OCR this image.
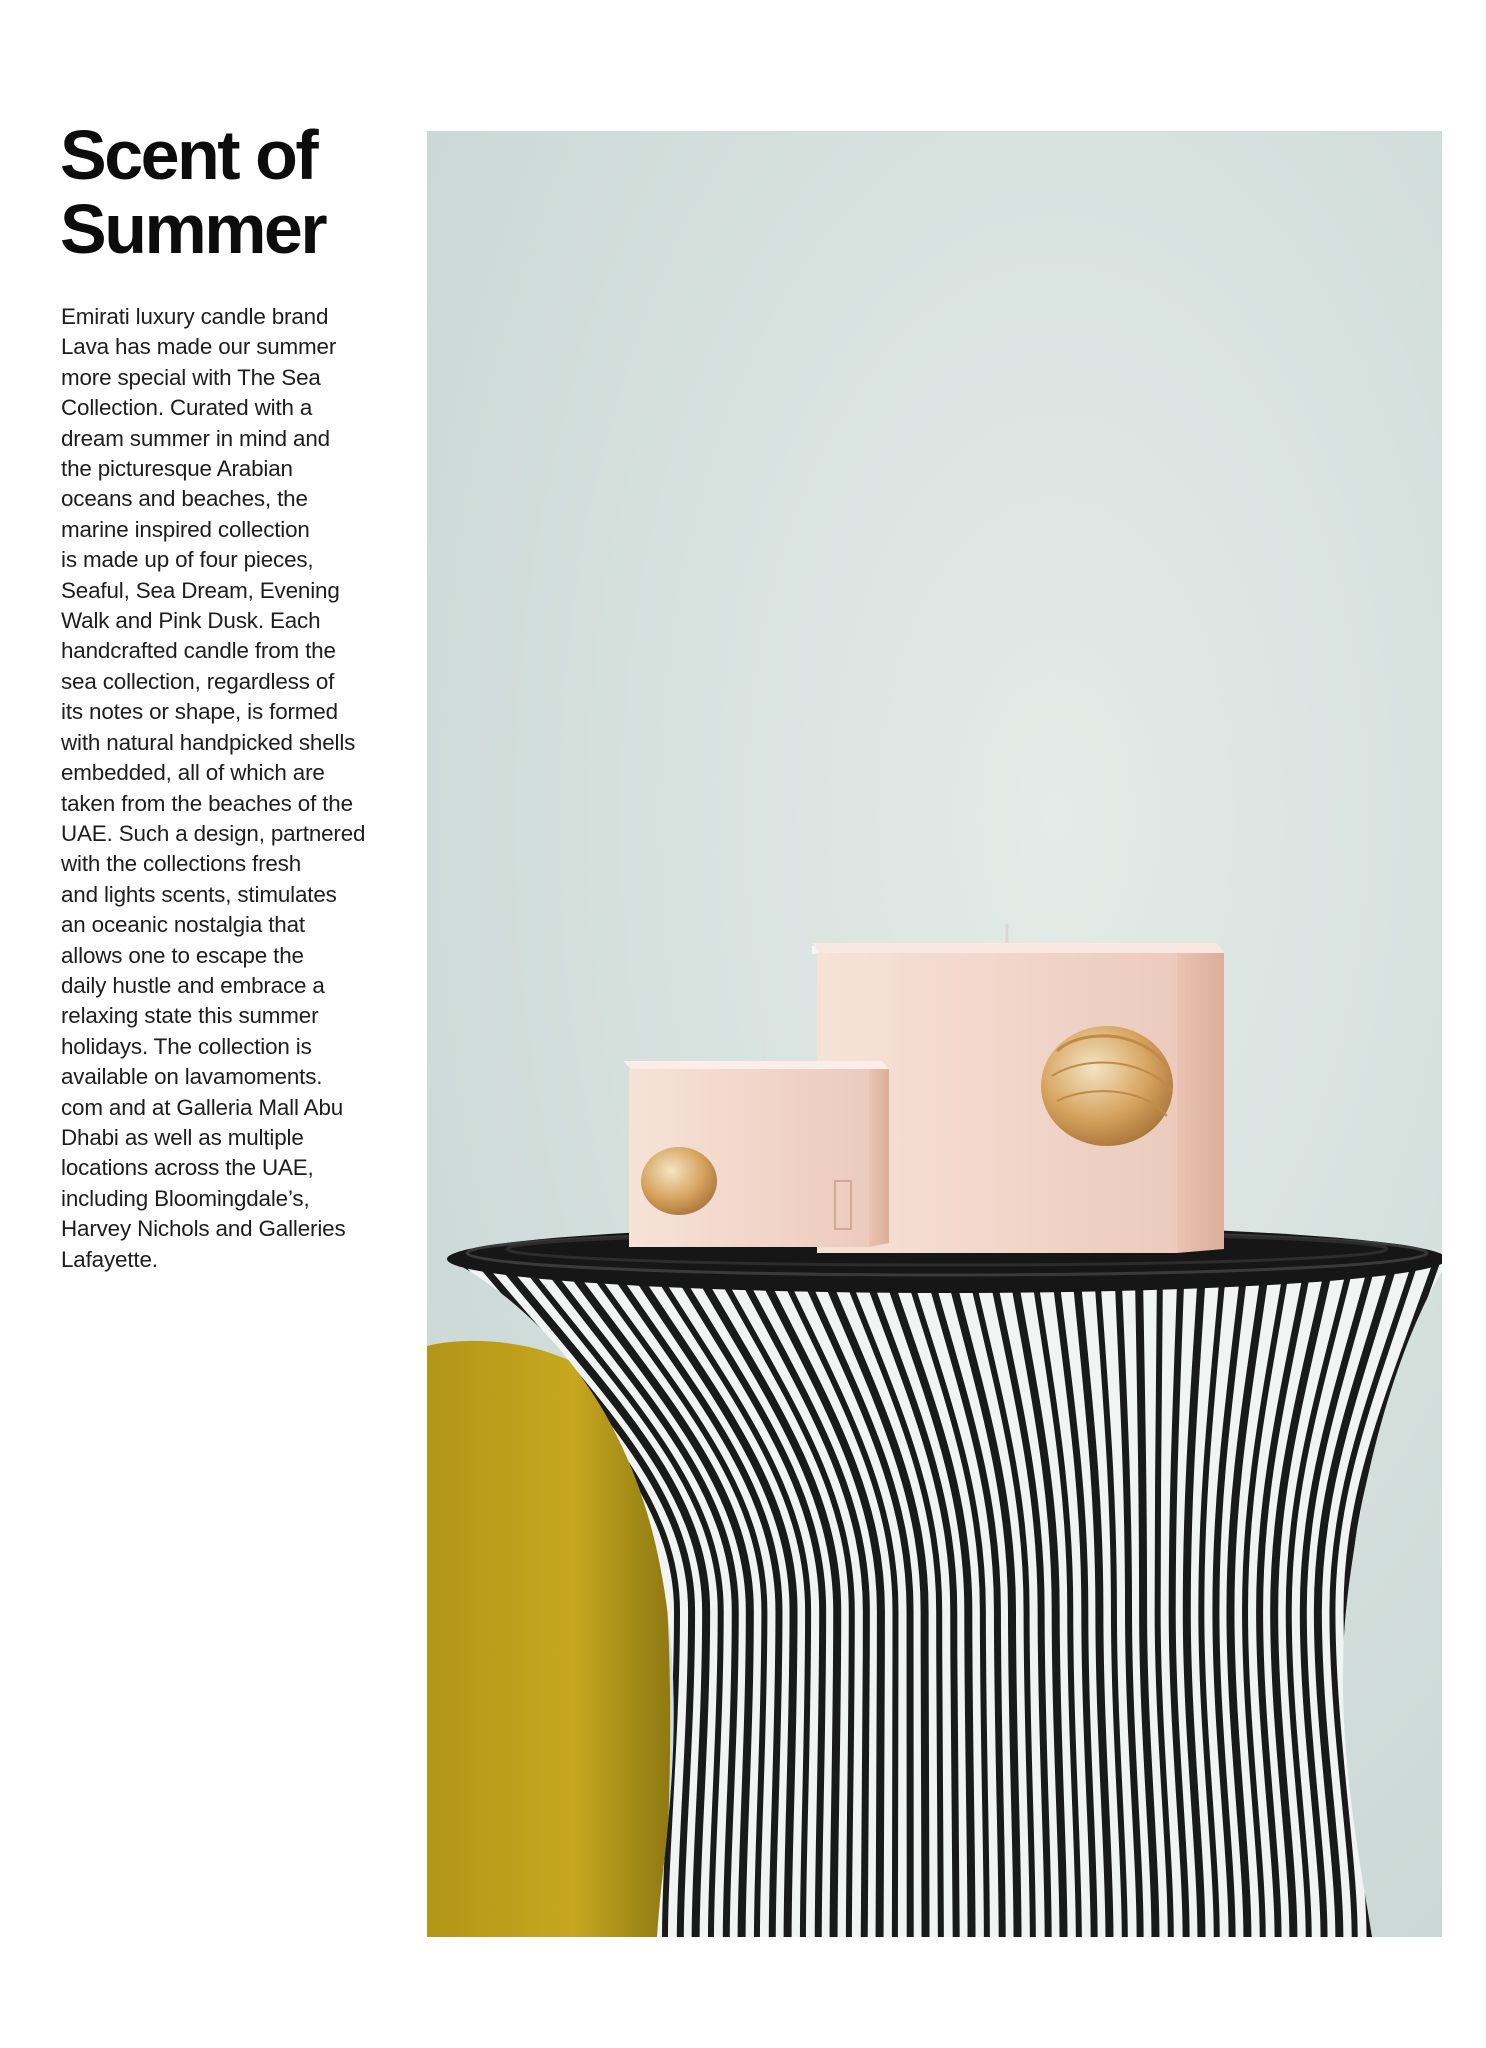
Scent of
Summer

Emirati luxury candle brand
Lava has made our summer
more special with The Sea
Collection. Curated with a
dream summer in mind and
the picturesque Arabian
oceans and beaches, the
marine inspired collection
is made up of four pieces,
Seaful, Sea Dream, Evening
Walk and Pink Dusk. Each
handcrafted candle from the
sea collection, regardless of
its notes or shape, is formed
with natural handpicked shells
embedded, all of which are
taken from the beaches of the
UAE. Such a design, partnered
with the collections fresh
and lights scents, stimulates
an oceanic nostalgia that
allows one to escape the
daily hustle and embrace a
relaxing state this summer
holidays. The collection is
available on lavamoments.
com and at Galleria Mall Abu
Dhabi as well as multiple
locations across the UAE,
including Bloomingdale’s,
Harvey Nichols and Galleries
Lafayette.
